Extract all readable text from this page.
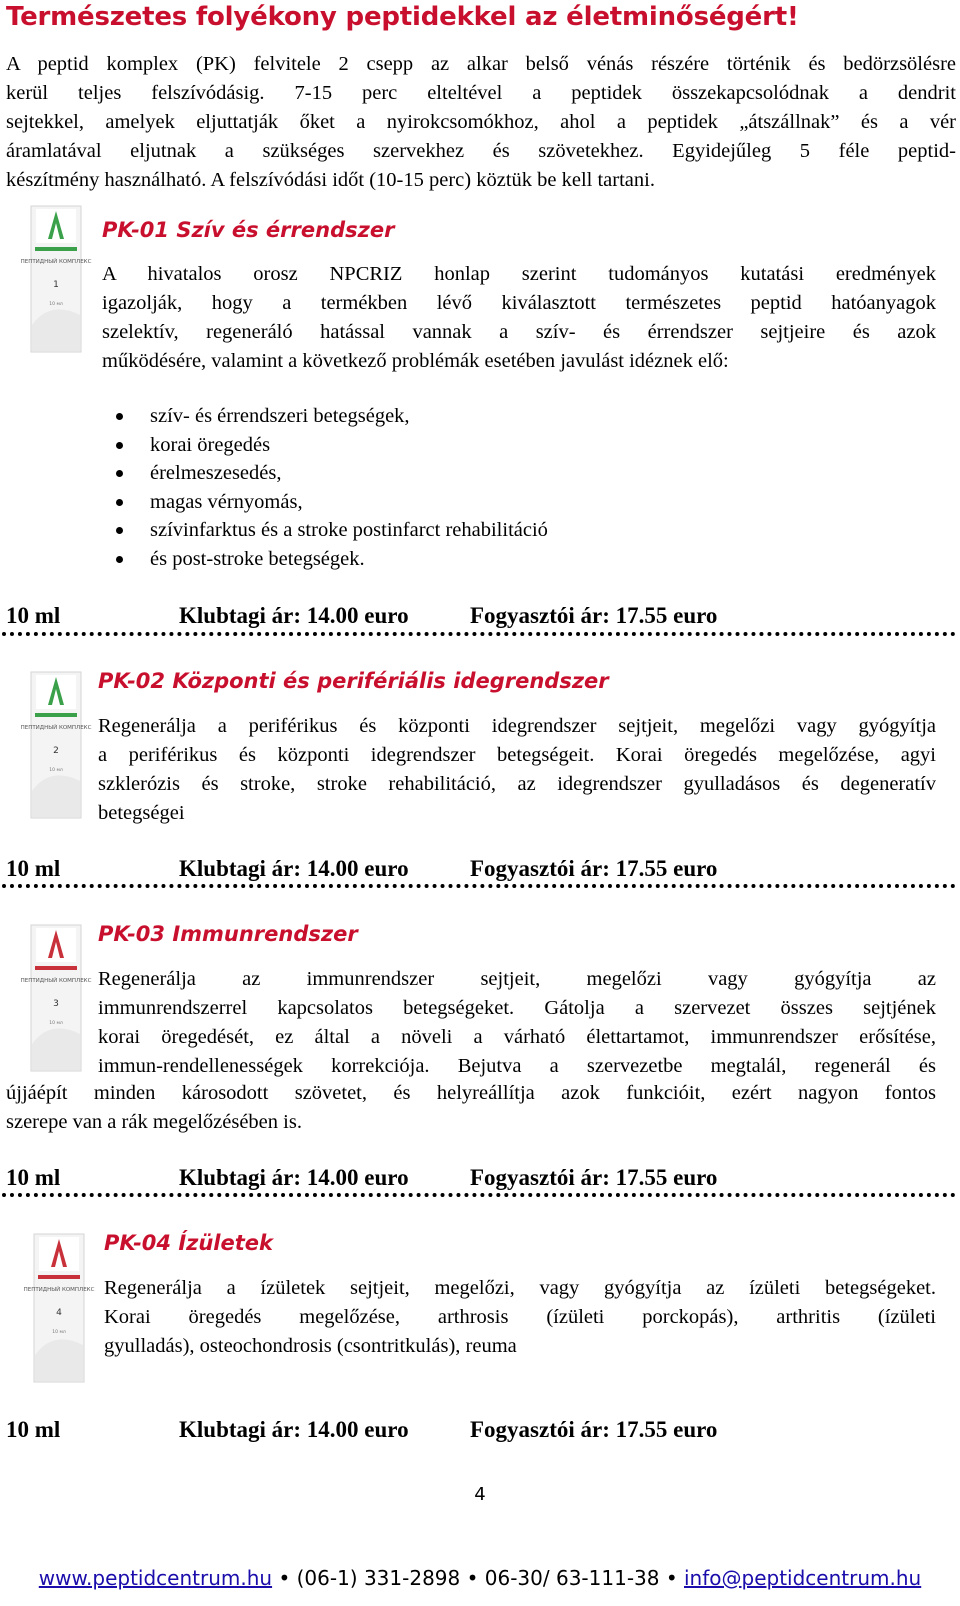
Természetes folyékony peptidekkel az életminőségért!
A peptid komplex (PK) felvitele 2 csepp az alkar belső vénás részére történik és bedörzsölésre
kerül teljes felszívódásig. 7-15 perc elteltével a peptidek összekapcsolódnak a dendrit
sejtekkel, amelyek eljuttatják őket a nyirokcsomókhoz, ahol a peptidek „átszállnak” és a vér
áramlatával eljutnak a szükséges szervekhez és szövetekhez. Egyidejűleg 5 féle peptid-
készítmény használható. A felszívódási időt (10-15 perc) köztük be kell tartani.
ПЕПТИДНЫЙ КОМПЛЕКС
1
10 мл
PK-01 Szív és érrendszer
A hivatalos orosz NPCRIZ honlap szerint tudományos kutatási eredmények
igazolják, hogy a termékben lévő kiválasztott természetes peptid hatóanyagok
szelektív, regeneráló hatással vannak a szív- és érrendszer sejtjeire és azok
működésére, valamint a következő problémák esetében javulást idéznek elő:
szív- és érrendszeri betegségek,
korai öregedés
érelmeszesedés,
magas vérnyomás,
szívinfarktus és a stroke postinfarct rehabilitáció
és post-stroke betegségek.
10 ml	Klubtagi ár: 14.00 euro	Fogyasztói ár: 17.55 euro
ПЕПТИДНЫЙ КОМПЛЕКС
2
10 мл
PK-02 Központi és perifériális idegrendszer
Regenerálja a periférikus és központi idegrendszer sejtjeit, megelőzi vagy gyógyítja
a periférikus és központi idegrendszer betegségeit. Korai öregedés megelőzése, agyi
szklerózis és stroke, stroke rehabilitáció, az idegrendszer gyulladásos és degeneratív
betegségei
10 ml	Klubtagi ár: 14.00 euro	Fogyasztói ár: 17.55 euro
ПЕПТИДНЫЙ КОМПЛЕКС
3
10 мл
PK-03 Immunrendszer
Regenerálja az immunrendszer sejtjeit, megelőzi vagy gyógyítja az
immunrendszerrel kapcsolatos betegségeket. Gátolja a szervezet összes sejtjének
korai öregedését, ez által a növeli a várható élettartamot, immunrendszer erősítése,
immun-rendellenességek korrekciója. Bejutva a szervezetbe megtalál, regenerál és
újjáépít minden károsodott szövetet, és helyreállítja azok funkcióit, ezért nagyon fontos
szerepe van a rák megelőzésében is.
10 ml	Klubtagi ár: 14.00 euro	Fogyasztói ár: 17.55 euro
ПЕПТИДНЫЙ КОМПЛЕКС
4
10 мл
PK-04 Ízületek
Regenerálja a ízületek sejtjeit, megelőzi, vagy gyógyítja az ízületi betegségeket.
Korai öregedés megelőzése, arthrosis (ízületi porckopás), arthritis (ízületi
gyulladás), osteochondrosis (csontritkulás), reuma
10 ml	Klubtagi ár: 14.00 euro	Fogyasztói ár: 17.55 euro
4
www.peptidcentrum.hu • (06-1) 331-2898 • 06-30/ 63-111-38 • info@peptidcentrum.hu
